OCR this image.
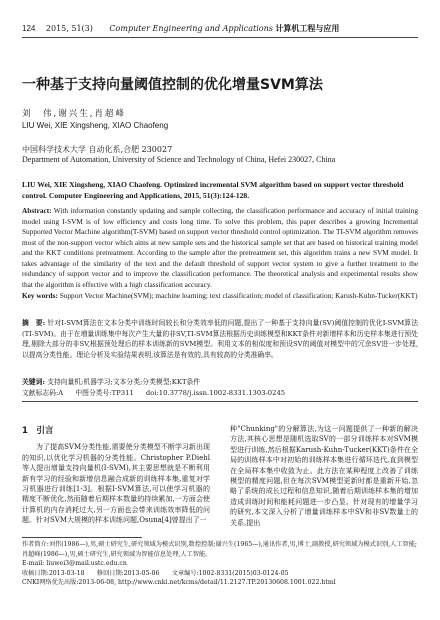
124 2015, 51(3) Computer Engineering and Applications 计算机工程与应用
一种基于支持向量阈值控制的优化增量SVM算法
刘　伟,谢兴生,肖超峰
LIU Wei, XIE Xingsheng, XIAO Chaofeng
中国科学技术大学 自动化系,合肥 230027
Department of Automation, University of Science and Technology of China, Hefei 230027, China
LIU Wei, XIE Xingsheng, XIAO Chaofeng. Optimized incremental SVM algorithm based on support vector threshold control. Computer Engineering and Applications, 2015, 51(3):124-128.
Abstract: With information constantly updating and sample collecting, the classification performance and accuracy of initial training model using I-SVM is of low efficiency and costs long time. To solve this problem, this paper describes a growing Incremental Supported Vector Machine algorithm(T-SVM) based on support vector threshold control optimization. The TI-SVM algorithm removes most of the non-support vector which aims at new sample sets and the historical sample set that are based on historical training model and the KKT conditions pretreatment. According to the sample after the pretreatment set, this algorithm trains a new SVM model. It takes advantage of the similarity of the text and the default threshold of support vector system to give a further treatment to the redundancy of support vector and to improve the classification performance. The theoretical analysis and experimental results show that the algorithm is effective with a high classification accuracy.
Key words: Support Vector Machine(SVM); machine learning; text classification; model of classification; Karush-Kuhn-Tucker(KKT)
摘　要: 针对I-SVM算法在文本分类中训练时间较长和分类效率低的问题,提出了一种基于支持向量(SV)阈值控制的优化I-SVM算法(TI-SVM)。由于在増量训练集中每次产生大量的非SV,TI-SVM算法根据历史训练模型和KKT条件对新增样本和历史样本集进行预处理,剔除大部分的非SV,根据预处理后的样本训练新的SVM模型。利用文本的相似度和预设SV的阈值对模型中的冗余SV进一步处理,以提高分类性能。理论分析及实验结果表明,该算法是有效的,具有较高的分类准确率。
关键词: 支持向量机;机器学习;文本分类;分类模型;KKT条件
文献标志码:A 中图分类号:TP311 doi:10.3778/j.issn.1002-8331.1303-0245
1　引言

为了提高SVM分类性能,需要使分类模型不断学习新出现的知识,以优化学习机器的分类性能。Christopher P.Diehl等人提出增量支持向量机(I-SVM),其主要思想就是不断利用新有学习的经验和新增信息融合成新的训练样本集,重复对学习机器进行训练[1-3]。根据I-SVM算法,可以使学习机器的精度不断优化,然而随着后期样本数量的持续累加,一方面会使计算机的内存消耗过大,另一方面也会带来训练效率降低的问题。针对SVM大规模的样本训练问题,Osuna[4]曾提出了一

种"Chunking"的分解算法,为这一问题提供了一种新的解决方法,其核心思想是随机选取SV的一部分训练样本对SVM模型进行训练,然后根据Karush-Kuhn-Tucker(KKT)条件在全局的训练样本中对初始的训练样本集进行循环迭代,直到模型在全局样本集中收敛为止。此方法在某种程度上改善了训练模型的精度问题,但在每次SVM模型更新时都是重新开始,忽略了系统的成长过程和信息知识,随着后期训练样本集的增加造成训练时间和能耗问题进一步凸显。针对现有的增量学习的研究,本文深入分析了增量训练样本中SV和非SV数量上的关系,提出

作者简介:刘伟(1986—),男,硕士研究生,研究领域为模式识别,数控控制;谢兴生(1965—),通讯作者,男,博士,副教授,研究领域为模式识别,人工智能;肖超峰(1986—),男,硕士研究生,研究领域为智能信息处理,人工智能。

E-mail: liuwei3@mail.ustc.edu.cn

收稿日期:2013-03-18　　修回日期:2013-05-06　　文章编号:1002-8331(2015)03-0124-05

CNKI网络优先出版:2013-06-08, http://www.cnki.net/kcms/detail/11.2127.TP.20130608.1001.022.html
